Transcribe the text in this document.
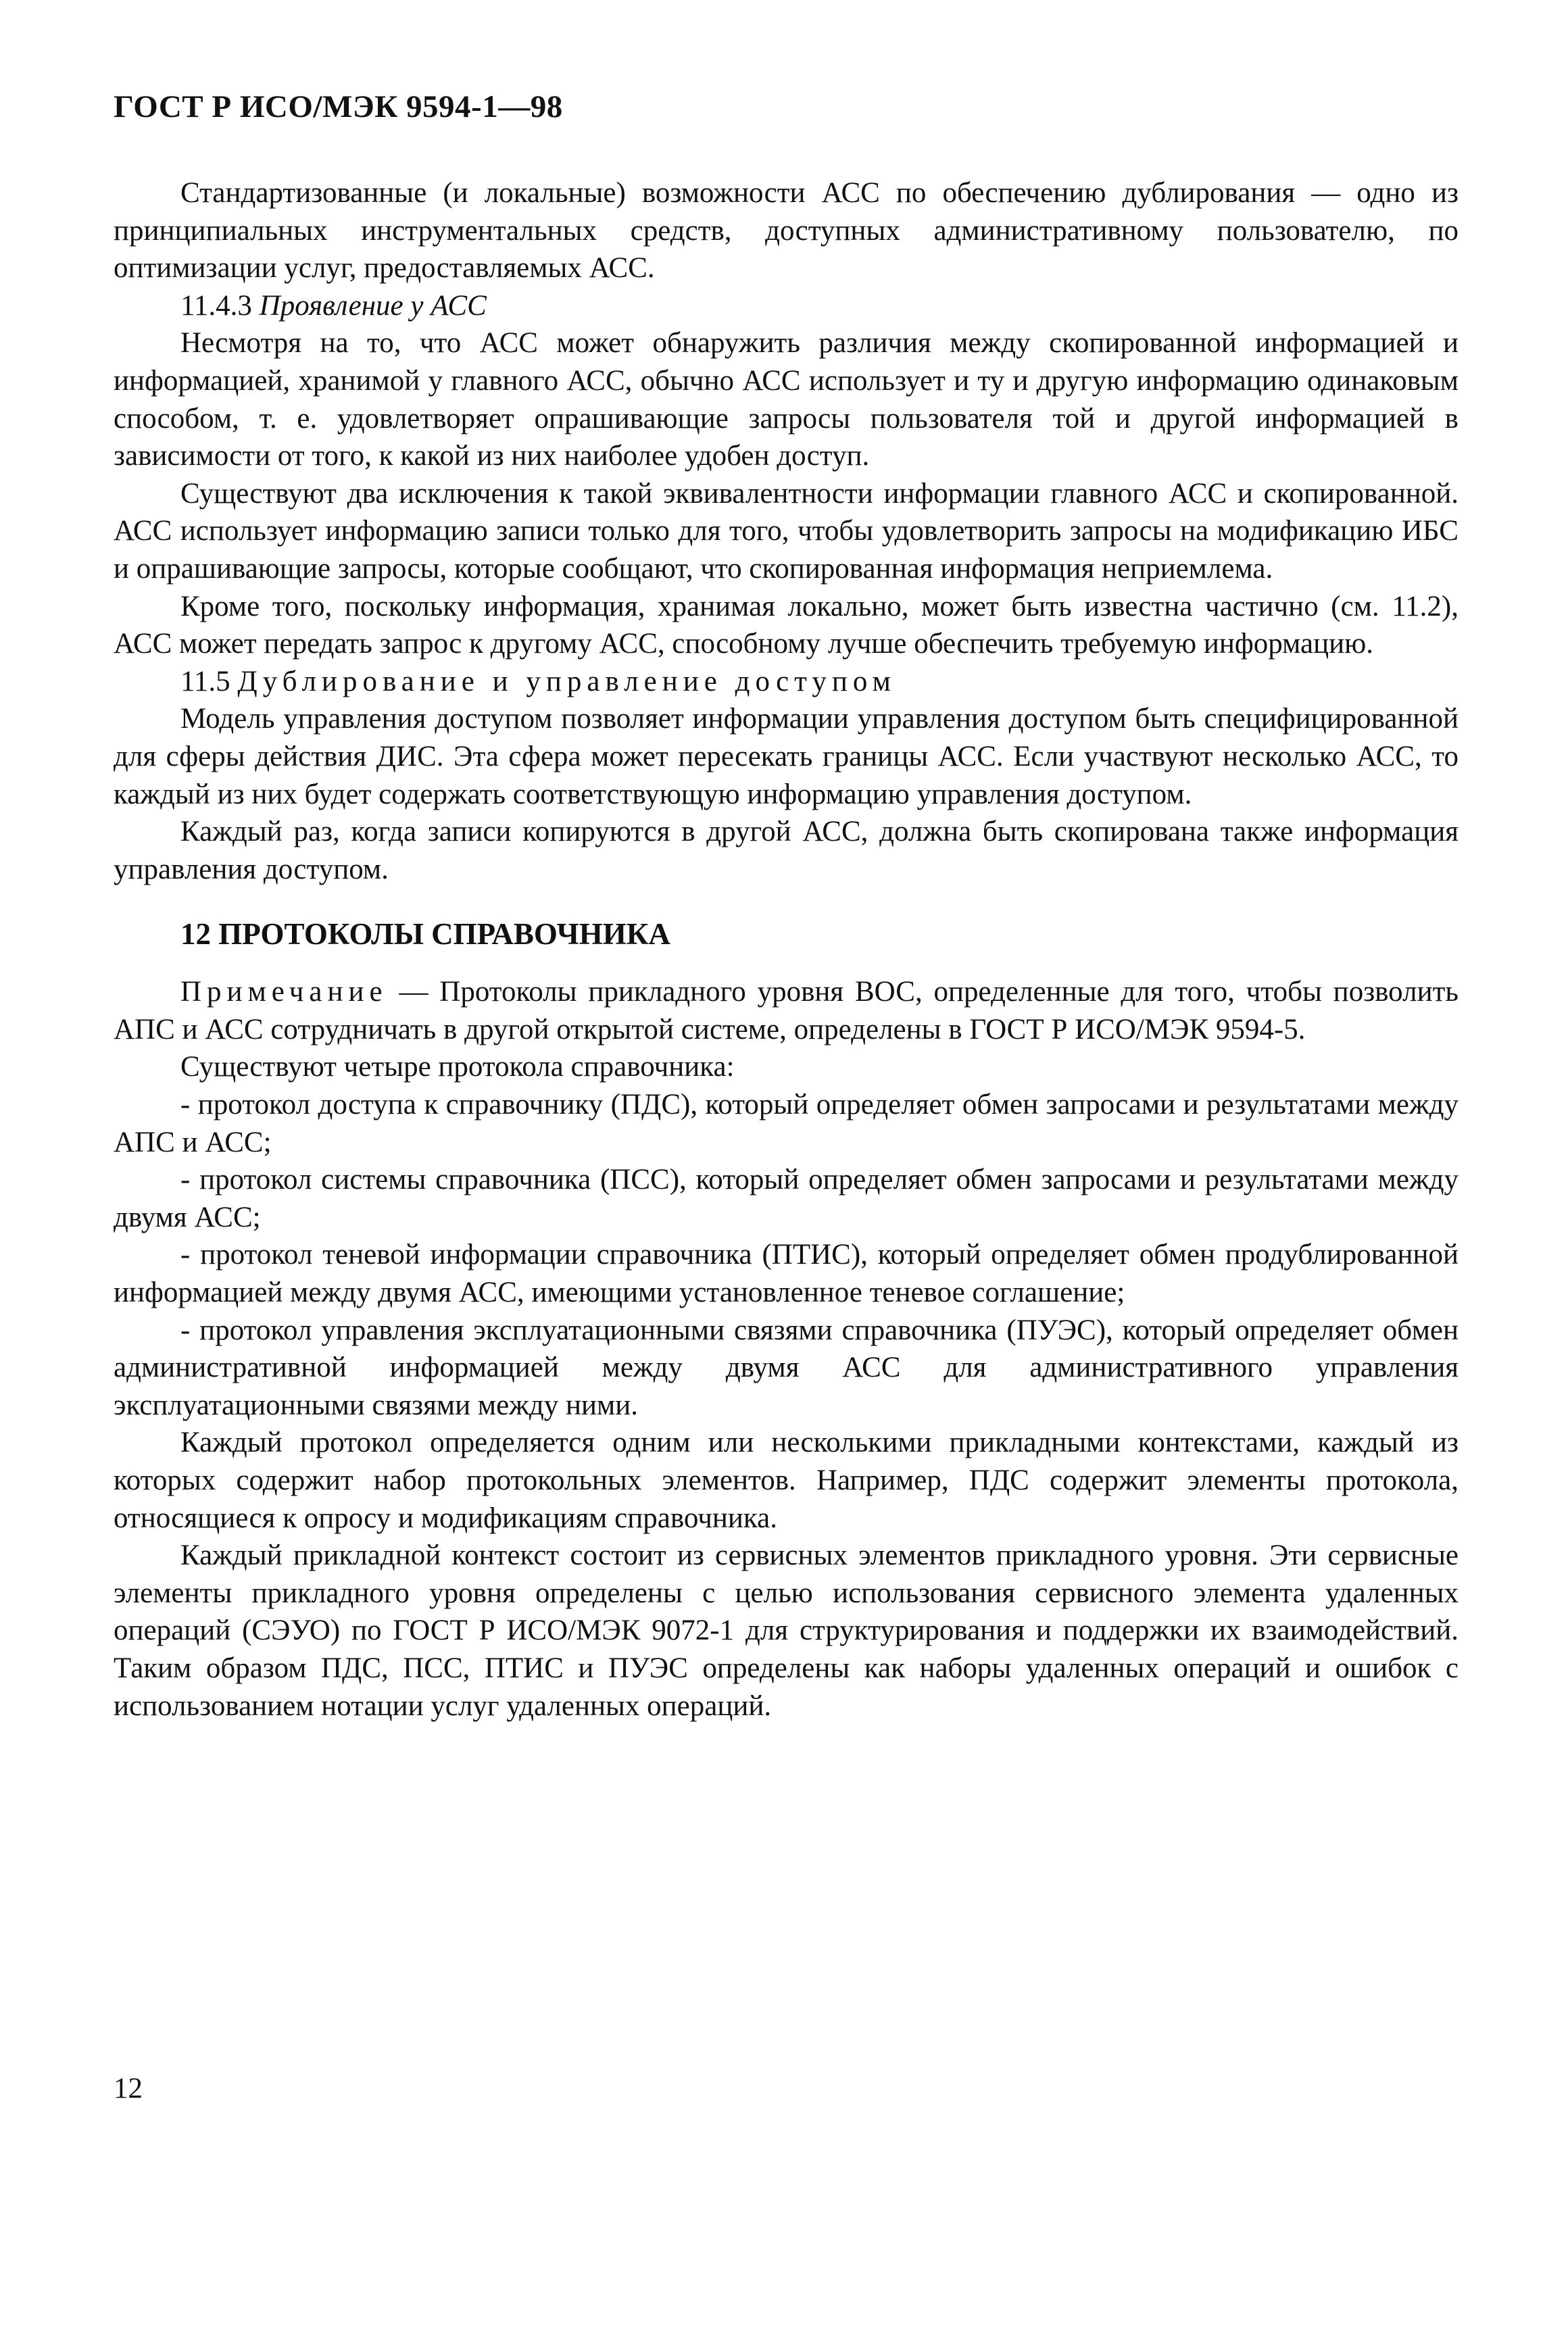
ГОСТ Р ИСО/МЭК 9594-1—98

Стандартизованные (и локальные) возможности АСС по обеспечению дублирования — одно из принципиальных инструментальных средств, доступных административному пользователю, по оптимизации услуг, предоставляемых АСС.

11.4.3 Проявление у АСС

Несмотря на то, что АСС может обнаружить различия между скопированной информацией и информацией, хранимой у главного АСС, обычно АСС использует и ту и другую информацию одинаковым способом, т. е. удовлетворяет опрашивающие запросы пользователя той и другой информацией в зависимости от того, к какой из них наиболее удобен доступ.

Существуют два исключения к такой эквивалентности информации главного АСС и скопированной. АСС использует информацию записи только для того, чтобы удовлетворить запросы на модификацию ИБС и опрашивающие запросы, которые сообщают, что скопированная информация неприемлема.

Кроме того, поскольку информация, хранимая локально, может быть известна частично (см. 11.2), АСС может передать запрос к другому АСС, способному лучше обеспечить требуемую информацию.

11.5 Дублирование и управление доступом

Модель управления доступом позволяет информации управления доступом быть специфицированной для сферы действия ДИС. Эта сфера может пересекать границы АСС. Если участвуют несколько АСС, то каждый из них будет содержать соответствующую информацию управления доступом.

Каждый раз, когда записи копируются в другой АСС, должна быть скопирована также информация управления доступом.

12 ПРОТОКОЛЫ СПРАВОЧНИКА

Примечание — Протоколы прикладного уровня ВОС, определенные для того, чтобы позволить АПС и АСС сотрудничать в другой открытой системе, определены в ГОСТ Р ИСО/МЭК 9594-5.

Существуют четыре протокола справочника:

- протокол доступа к справочнику (ПДС), который определяет обмен запросами и результатами между АПС и АСС;

- протокол системы справочника (ПСС), который определяет обмен запросами и результатами между двумя АСС;

- протокол теневой информации справочника (ПТИС), который определяет обмен продублированной информацией между двумя АСС, имеющими установленное теневое соглашение;

- протокол управления эксплуатационными связями справочника (ПУЭС), который определяет обмен административной информацией между двумя АСС для административного управления эксплуатационными связями между ними.

Каждый протокол определяется одним или несколькими прикладными контекстами, каждый из которых содержит набор протокольных элементов. Например, ПДС содержит элементы протокола, относящиеся к опросу и модификациям справочника.

Каждый прикладной контекст состоит из сервисных элементов прикладного уровня. Эти сервисные элементы прикладного уровня определены с целью использования сервисного элемента удаленных операций (СЭУО) по ГОСТ Р ИСО/МЭК 9072-1 для структурирования и поддержки их взаимодействий. Таким образом ПДС, ПСС, ПТИС и ПУЭС определены как наборы удаленных операций и ошибок с использованием нотации услуг удаленных операций.

12
